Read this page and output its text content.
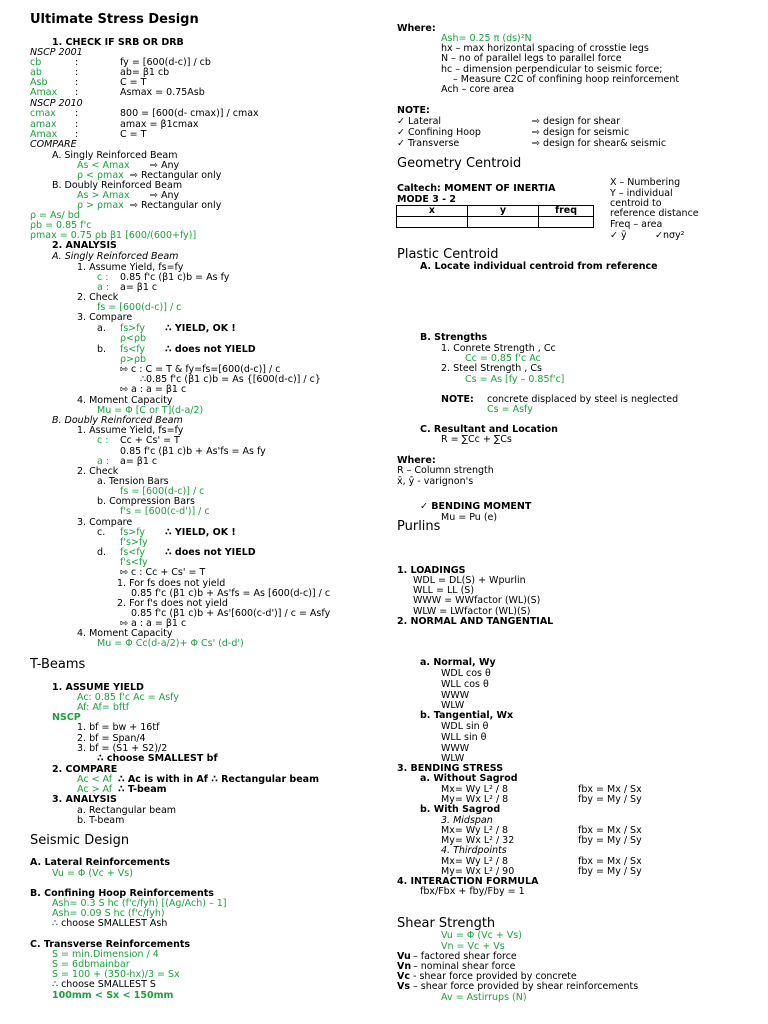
Ultimate Stress Design
1. CHECK IF SRB OR DRB
NSCP 2001
cb	:	fy = [600(d-c)] / cb
ab	:	ab= β1 cb
Asb	:	C = T
Amax :	Asmax = 0.75Asb
NSCP 2010
cmax :	800 = [600(d- cmax)] / cmax
amax :	amax = β1cmax
Amax :	C = T
COMPARE
A. Singly Reinforced Beam
As < Amax ⇨ Any
ρ < ρmax ⇨ Rectangular only
B. Doubly Reinforced Beam
As > Amax ⇨ Any
ρ > ρmax ⇨ Rectangular only
ρ = As/ bd
ρb = 0.85 f'c
ρmax = 0.75 ρb β1 [600/(600+fy)]
2. ANALYSIS
A. Singly Reinforced Beam
1. Assume Yield, fs=fy
c : 0.85 f'c (β1 c)b = As fy
a : a= β1 c
2. Check
fs = [600(d-c)] / c
3. Compare
a. fs>fy ∴ YIELD, OK !
ρ<ρb
b. fs<fy ∴ does not YIELD
ρ>ρb
⇰ c : C = T & fy=fs=[600(d-c)] / c
∴0.85 f'c (β1 c)b = As {[600(d-c)] / c}
⇰ a : a = β1 c
4. Moment Capacity
Mu = Φ [C or T](d-a/2)
B. Doubly Reinforced Beam
1. Assume Yield, fs=fy
c : Cc + Cs' = T
0.85 f'c (β1 c)b + As'fs = As fy
a : a= β1 c
2. Check
a. Tension Bars
fs = [600(d-c)] / c
b. Compression Bars
f's = [600(c-d')] / c
3. Compare
c. fs>fy ∴ YIELD, OK !
f's>fy
d. fs<fy ∴ does not YIELD
f's<fy
⇰ c : Cc + Cs' = T
1. For fs does not yield
0.85 f'c (β1 c)b + As'fs = As [600(d-c)] / c
2. For f's does not yield
0.85 f'c (β1 c)b + As'[600(c-d')] / c = Asfy
⇰ a : a = β1 c
4. Moment Capacity
Mu = Φ Cc(d-a/2)+ Φ Cs' (d-d')
T-Beams
1. ASSUME YIELD
Ac: 0.85 f'c Ac = Asfy
Af: Af= bftf
NSCP
1. bf = bw + 16tf
2. bf = Span/4
3. bf = (S1 + S2)/2
∴ choose SMALLEST bf
2. COMPARE
Ac < Af ∴ Ac is with in Af ∴ Rectangular beam
Ac > Af ∴ T-beam
3. ANALYSIS
a. Rectangular beam
b. T-beam
Seismic Design
A. Lateral Reinforcements
Vu = Φ (Vc + Vs)
B. Confining Hoop Reinforcements
Ash= 0.3 S hc (f'c/fyh) [(Ag/Ach) – 1]
Ash= 0.09 S hc (f'c/fyh)
∴ choose SMALLEST Ash
C. Transverse Reinforcements
S = min.Dimension / 4
S = 6dbmainbar
S = 100 + (350-hx)/3 = Sx
∴ choose SMALLEST S
100mm < Sx < 150mm
Where:
Ash= 0.25 π (ds)²N
hx – max horizontal spacing of crosstie legs
N – no of parallel legs to parallel force
hc – dimension perpendicular to seismic force;
– Measure C2C of confining hoop reinforcement
Ach – core area
NOTE:
✓ Lateral	⇨ design for shear
✓ Confining Hoop	⇨ design for seismic
✓ Transverse	⇨ design for shear& seismic
Geometry Centroid
Caltech: MOMENT OF INERTIA
MODE 3 - 2
X – Numbering
Y – individual
centroid to
reference distance
Freq – area
✓ ȳ	✓nσy²
Plastic Centroid
A. Locate individual centroid from reference
B. Strengths
1. Conrete Strength , Cc
Cc = 0.85 f'c Ac
2. Steel Strength , Cs
Cs = As [fy – 0.85f'c]
NOTE: concrete displaced by steel is neglected
Cs = Asfy
C. Resultant and Location
R = ∑Cc + ∑Cs
Where:
R – Column strength
x̄, ȳ - varignon's
✓ BENDING MOMENT
Mu = Pu (e)
Purlins
1. LOADINGS
WDL = DL(S) + Wpurlin
WLL = LL (S)
WWW = WWfactor (WL)(S)
WLW = LWfactor (WL)(S)
2. NORMAL AND TANGENTIAL
a. Normal, Wy
WDL cos θ
WLL cos θ
WWW
WLW
b. Tangential, Wx
WDL sin θ
WLL sin θ
WWW
WLW
3. BENDING STRESS
a. Without Sagrod
Mx= Wy L² / 8	fbx = Mx / Sx
My= Wx L² / 8	fby = My / Sy
b. With Sagrod
3. Midspan
Mx= Wy L² / 8	fbx = Mx / Sx
My= Wx L² / 32	fby = My / Sy
4. Thirdpoints
Mx= Wy L² / 8	fbx = Mx / Sx
My= Wx L² / 90	fby = My / Sy
4. INTERACTION FORMULA
fbx/Fbx + fby/Fby = 1
Shear Strength
Vu = Φ (Vc + Vs)
Vn = Vc + Vs
Vu – factored shear force
Vn – nominal shear force
Vc - shear force provided by concrete
Vs – shear force provided by shear reinforcements
Av = Astirrups (N)
x	y	freq
